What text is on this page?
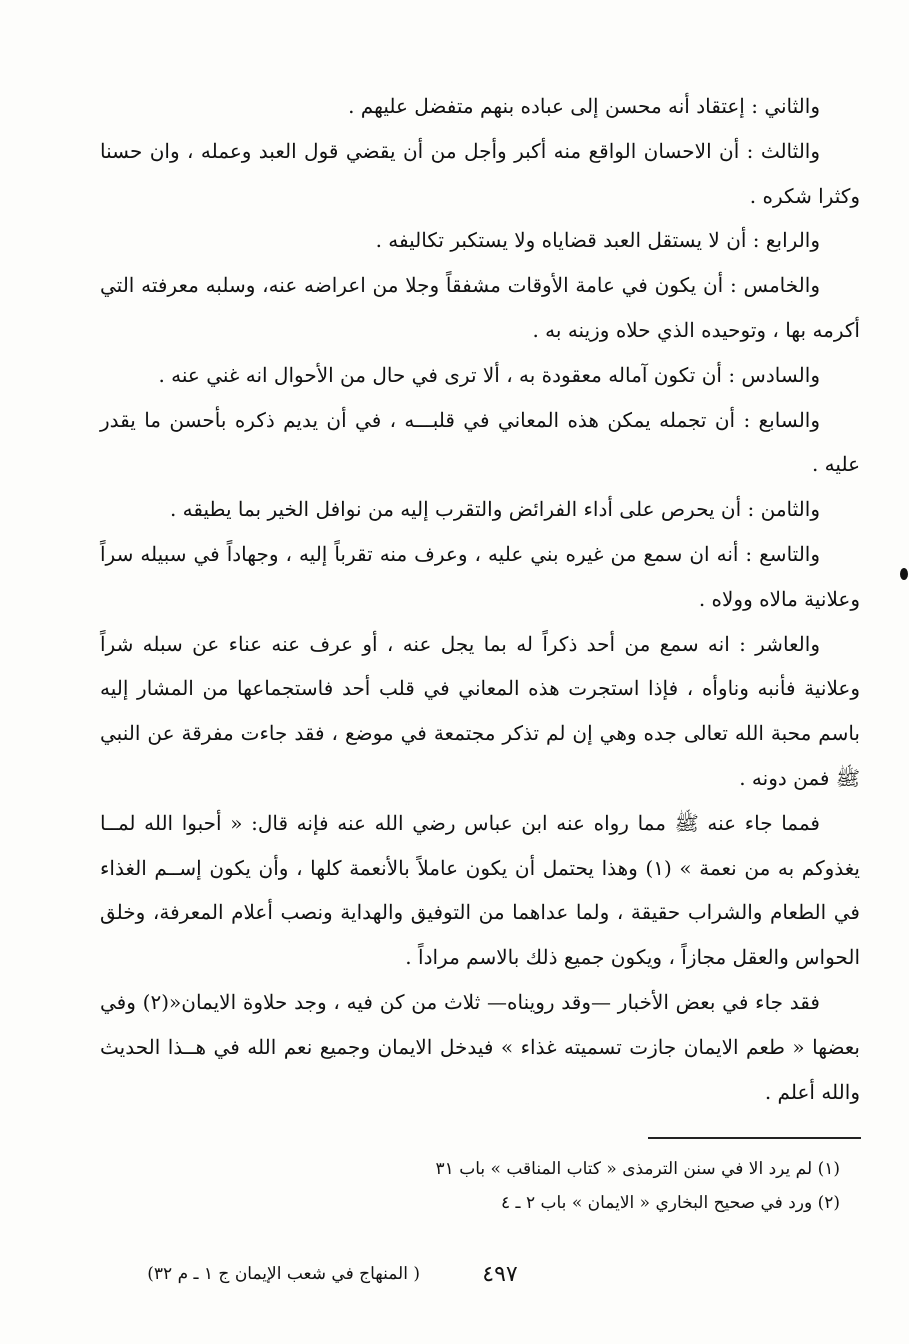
والثاني : إعتقاد أنه محسن إلى عباده بنهم متفضل عليهم .

والثالث : أن الاحسان الواقع منه أكبر وأجل من أن يقضي قول العبد وعمله ، وان حسنا وكثرا شكره .

والرابع : أن لا يستقل العبد قضاياه ولا يستكبر تكاليفه .

والخامس : أن يكون في عامة الأوقات مشفقاً وجلا من اعراضه عنه، وسلبه معرفته التي أكرمه بها ، وتوحيده الذي حلاه وزينه به .

والسادس : أن تكون آماله معقودة به ، ألا ترى في حال من الأحوال انه غني عنه .

والسابع : أن تجمله يمكن هذه المعاني في قلبـــه ، في أن يديم ذكره بأحسن ما يقدر عليه .

والثامن : أن يحرص على أداء الفرائض والتقرب إليه من نوافل الخير بما يطيقه .

والتاسع : أنه ان سمع من غيره بني عليه ، وعرف منه تقرباً إليه ، وجهاداً في سبيله سراً وعلانية مالاه وولاه .

والعاشر : انه سمع من أحد ذكراً له بما يجل عنه ، أو عرف عنه عناء عن سبله شراً وعلانية فأنبه وناوأه ، فإذا استجرت هذه المعاني في قلب أحد فاستجماعها من المشار إليه باسم محبة الله تعالى جده وهي إن لم تذكر مجتمعة في موضع ، فقد جاءت مفرقة عن النبي ﷺ فمن دونه .

فمما جاء عنه ﷺ مما رواه عنه ابن عباس رضي الله عنه فإنه قال: « أحبوا الله لمــا يغذوكم به من نعمة » (١) وهذا يحتمل أن يكون عاملاً بالأنعمة كلها ، وأن يكون إســم الغذاء في الطعام والشراب حقيقة ، ولما عداهما من التوفيق والهداية ونصب أعلام المعرفة، وخلق الحواس والعقل مجازاً ، ويكون جميع ذلك بالاسم مراداً .

فقد جاء في بعض الأخبار —وقد رويناه— ثلاث من كن فيه ، وجد حلاوة الايمان«(٢) وفي بعضها « طعم الايمان جازت تسميته غذاء » فيدخل الايمان وجميع نعم الله في هــذا الحديث والله أعلم .

(١) لم يرد الا في سنن الترمذى « كتاب المناقب » باب ٣١

(٢) ورد في صحيح البخاري « الايمان » باب ٢ ـ ٤

٤٩٧
( المنهاج في شعب الإيمان ج ١ ـ م ٣٢)
